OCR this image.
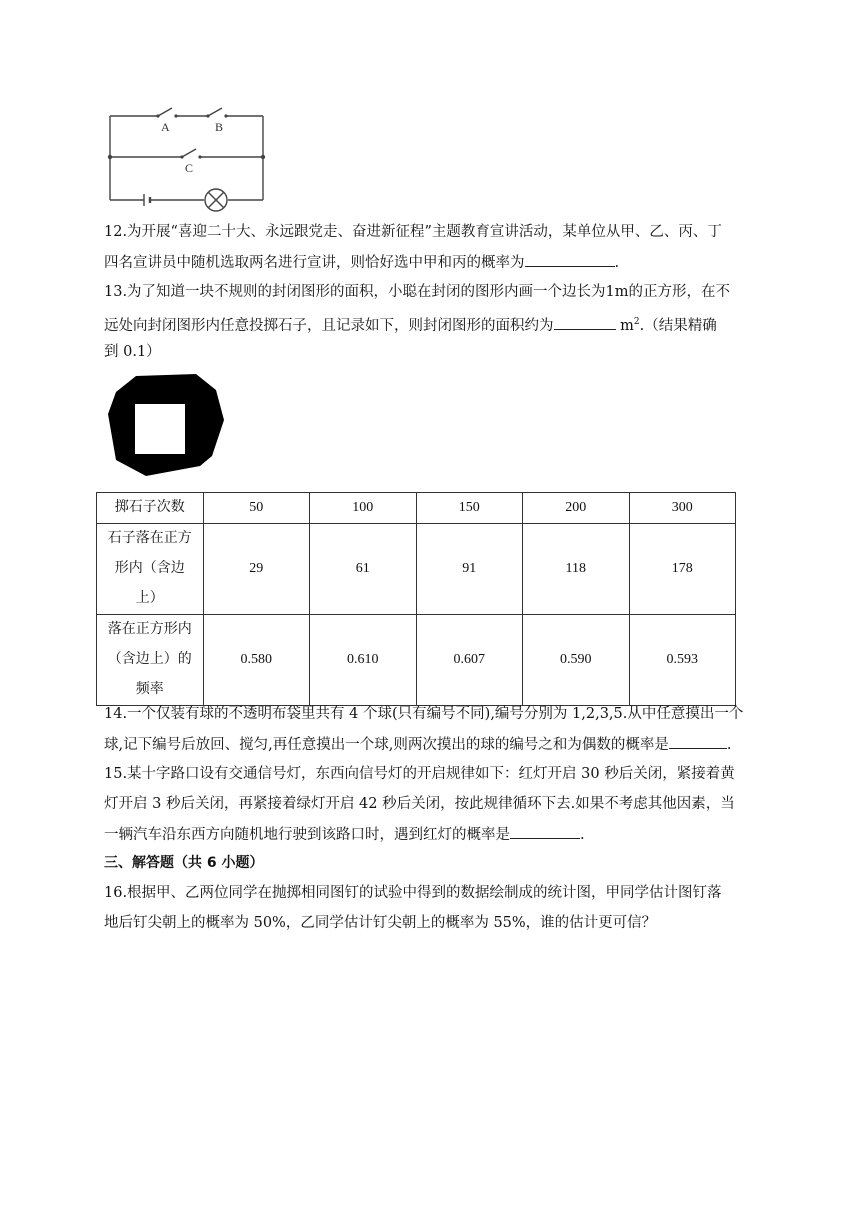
A	B
C
12.为开展“喜迎二十大、永远跟党走、奋进新征程”主题教育宣讲活动，某单位从甲、乙、丙、丁
四名宣讲员中随机选取两名进行宣讲，则恰好选中甲和丙的概率为	.
13.为了知道一块不规则的封闭图形的面积，小聪在封闭的图形内画一个边长为1m的正方形，在不
远处向封闭图形内任意投掷石子，且记录如下，则封闭图形的面积约为	$m^2$.（结果精确
到 0.1）
掷石子次数	50	100	150	200	300

石子落在正方
形内（含边
上）	29	61	91	118	178

落在正方形内
（含边上）的
频率	0.580	0.610	0.607	0.590	0.593
14.一个仅装有球的不透明布袋里共有 4 个球(只有编号不同),编号分别为 1,2,3,5.从中任意摸出一个
球,记下编号后放回、搅匀,再任意摸出一个球,则两次摸出的球的编号之和为偶数的概率是	.
15.某十字路口设有交通信号灯，东西向信号灯的开启规律如下：红灯开启 30 秒后关闭，紧接着黄
灯开启 3 秒后关闭，再紧接着绿灯开启 42 秒后关闭，按此规律循环下去.如果不考虑其他因素，当
一辆汽车沿东西方向随机地行驶到该路口时，遇到红灯的概率是	.
三、解答题（共 6 小题）
16.根据甲、乙两位同学在抛掷相同图钉的试验中得到的数据绘制成的统计图，甲同学估计图钉落
地后钉尖朝上的概率为 50%，乙同学估计钉尖朝上的概率为 55%，谁的估计更可信？
